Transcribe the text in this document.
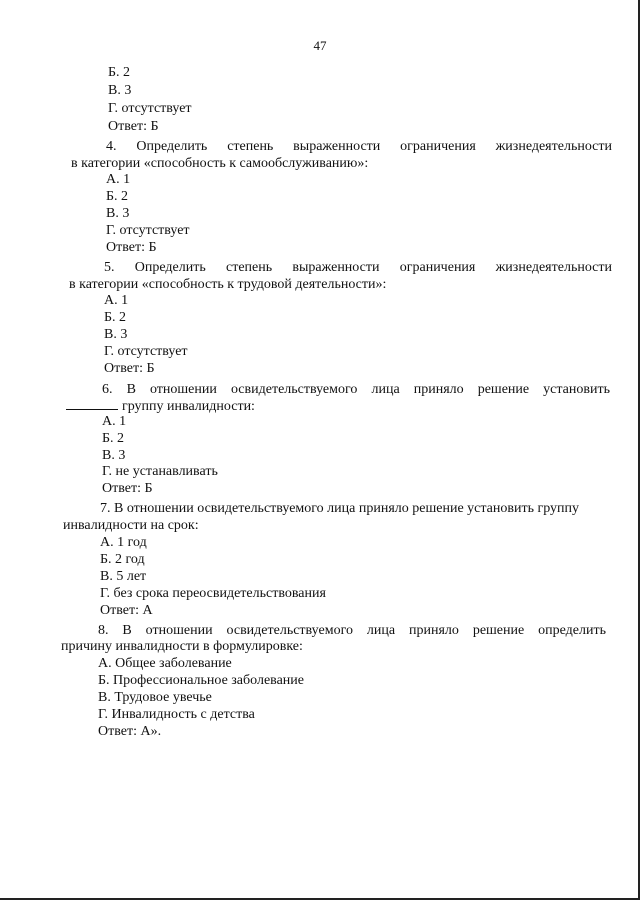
47
Б. 2
В. 3
Г. отсутствует
Ответ: Б
4. Определить степень выраженности ограничения жизнедеятельности
в категории «способность к самообслуживанию»:
А. 1
Б. 2
В. 3
Г. отсутствует
Ответ: Б
5. Определить степень выраженности ограничения жизнедеятельности
в категории «способность к трудовой деятельности»:
А. 1
Б. 2
В. 3
Г. отсутствует
Ответ: Б
6. В отношении освидетельствуемого лица приняло решение установить
группу инвалидности:
А. 1
Б. 2
В. 3
Г. не устанавливать
Ответ: Б
7. В отношении освидетельствуемого лица приняло решение установить группу
инвалидности на срок:
А. 1 год
Б. 2 год
В. 5 лет
Г. без срока переосвидетельствования
Ответ: А
8. В отношении освидетельствуемого лица приняло решение определить
причину инвалидности в формулировке:
А. Общее заболевание
Б. Профессиональное заболевание
В. Трудовое увечье
Г. Инвалидность с детства
Ответ: А».
